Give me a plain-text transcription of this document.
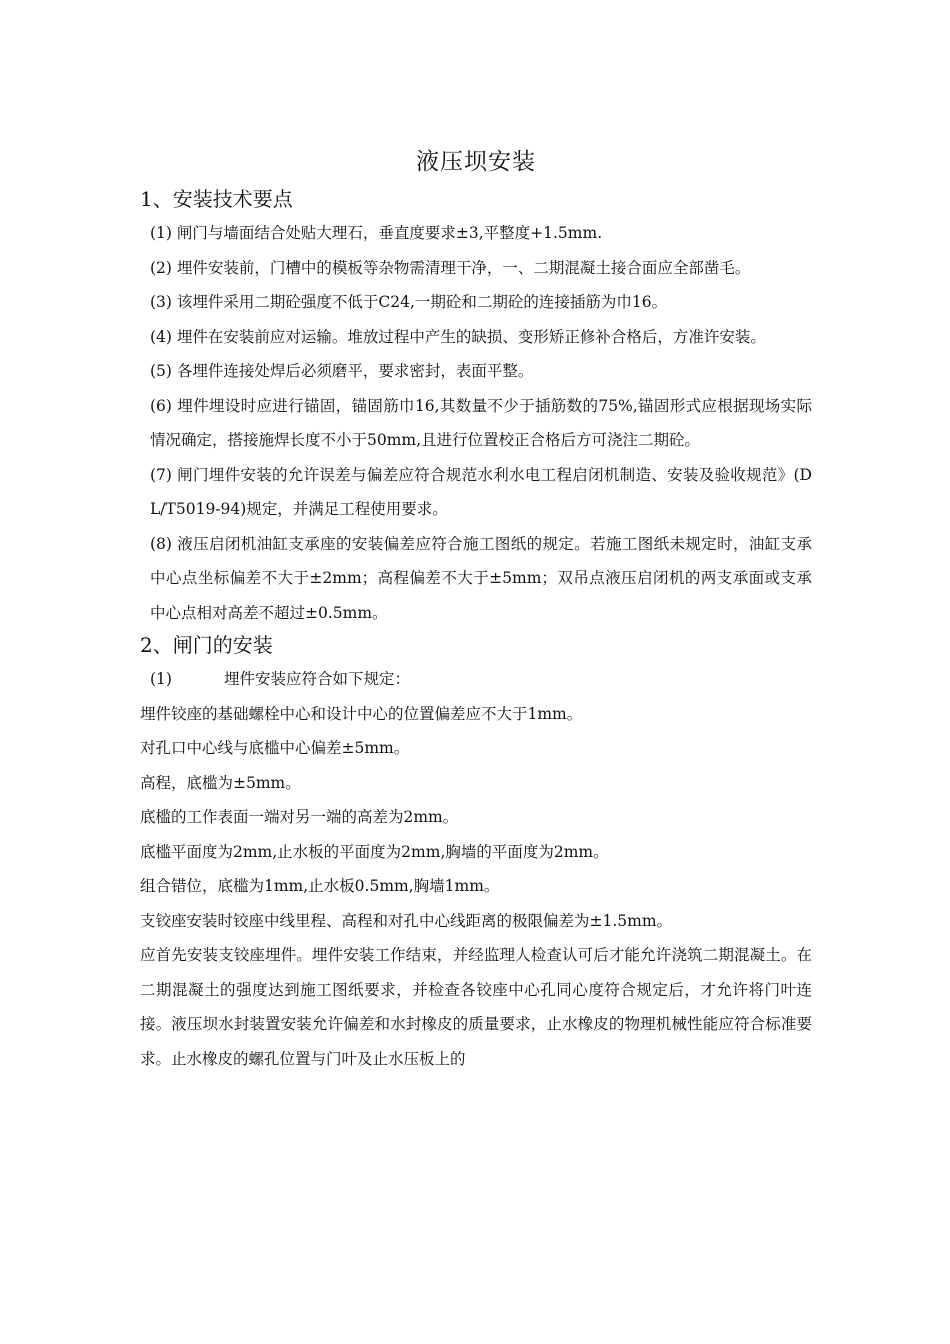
液压坝安装
1、安装技术要点

(1) 闸门与墙面结合处贴大理石，垂直度要求±3,平整度+1.5mm.

(2) 埋件安装前，门槽中的模板等杂物需清理干净，一、二期混凝土接合面应全部凿毛。

(3) 该埋件采用二期砼强度不低于C24,一期砼和二期砼的连接插筋为巾16。

(4) 埋件在安装前应对运输。堆放过程中产生的缺损、变形矫正修补合格后，方准许安装。

(5) 各埋件连接处焊后必须磨平，要求密封，表面平整。

(6) 埋件埋设时应进行锚固，锚固筋巾16,其数量不少于插筋数的75%,锚固形式应根据现场实际情况确定，搭接施焊长度不小于50mm,且进行位置校正合格后方可浇注二期砼。

(7) 闸门埋件安装的允许误差与偏差应符合规范水利水电工程启闭机制造、安装及验收规范》(DL/T5019-94)规定，并满足工程使用要求。

(8) 液压启闭机油缸支承座的安装偏差应符合施工图纸的规定。若施工图纸未规定时，油缸支承中心点坐标偏差不大于±2mm；高程偏差不大于±5mm；双吊点液压启闭机的两支承面或支承中心点相对高差不超过±0.5mm。

2、闸门的安装

(1)	埋件安装应符合如下规定：

埋件铰座的基础螺栓中心和设计中心的位置偏差应不大于1mm。

对孔口中心线与底槛中心偏差±5mm。

高程，底槛为±5mm。

底槛的工作表面一端对另一端的高差为2mm。

底槛平面度为2mm,止水板的平面度为2mm,胸墙的平面度为2mm。

组合错位，底槛为1mm,止水板0.5mm,胸墙1mm。

支铰座安装时铰座中线里程、高程和对孔中心线距离的极限偏差为±1.5mm。

应首先安装支铰座埋件。埋件安装工作结束，并经监理人检查认可后才能允许浇筑二期混凝土。在二期混凝土的强度达到施工图纸要求，并检查各铰座中心孔同心度符合规定后，才允许将门叶连接。液压坝水封装置安装允许偏差和水封橡皮的质量要求，止水橡皮的物理机械性能应符合标准要求。止水橡皮的螺孔位置与门叶及止水压板上的
